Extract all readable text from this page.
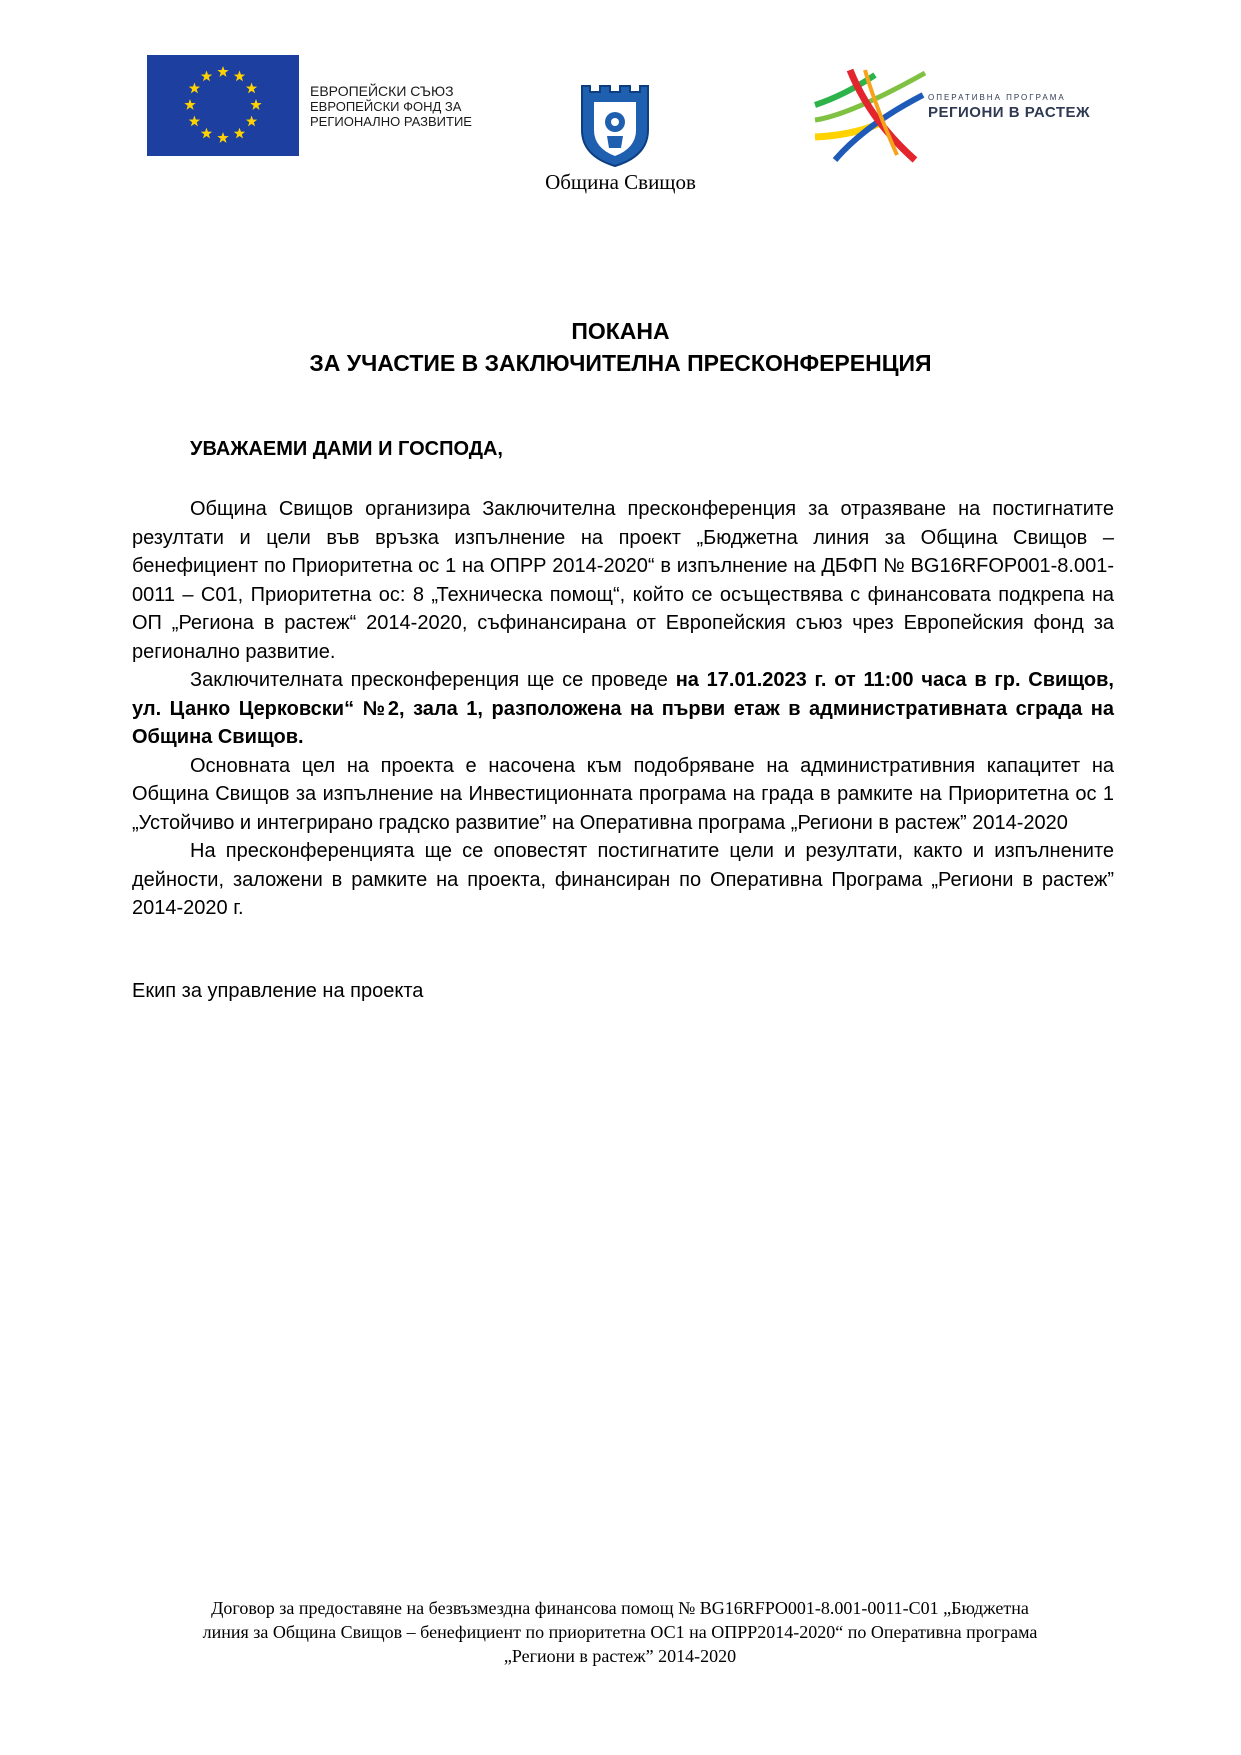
ЕВРОПЕЙСКИ СЪЮЗ
ЕВРОПЕЙСКИ ФОНД ЗА
РЕГИОНАЛНО РАЗВИТИЕ
Община Свищов
ОПЕРАТИВНА ПРОГРАМА
РЕГИОНИ В РАСТЕЖ
ПОКАНА
ЗА УЧАСТИЕ В ЗАКЛЮЧИТЕЛНА ПРЕСКОНФЕРЕНЦИЯ
УВАЖАЕМИ ДАМИ И ГОСПОДА,

Община Свищов организира Заключителна пресконференция за отразяване на постигнатите резултати и цели във връзка изпълнение на проект „Бюджетна линия за Община Свищов – бенефициент по Приоритетна ос 1 на ОПРР 2014-2020“ в изпълнение на ДБФП № BG16RFOP001-8.001-0011 – С01, Приоритетна ос: 8 „Техническа помощ“, който се осъществява с финансовата подкрепа на ОП „Региона в растеж“ 2014-2020, съфинансирана от Европейския съюз чрез Европейския фонд за регионално развитие.

Заключителната пресконференция ще се проведе на 17.01.2023 г. от 11:00 часа в гр. Свищов, ул. Цанко Церковски“ №2, зала 1, разположена на първи етаж в административната сграда на Община Свищов.

Основната цел на проекта е насочена към подобряване на административния капацитет на Община Свищов за изпълнение на Инвестиционната програма на града в рамките на Приоритетна ос 1 „Устойчиво и интегрирано градско развитие” на Оперативна програма „Региони в растеж” 2014-2020

На пресконференцията ще се оповестят постигнатите цели и резултати, както и изпълнените дейности, заложени в рамките на проекта, финансиран по Оперативна Програма „Региони в растеж” 2014-2020 г.

Екип за управление на проекта
Договор за предоставяне на безвъзмездна финансова помощ № BG16RFPO001-8.001-0011-С01 „Бюджетна
линия за Община Свищов – бенефициент по приоритетна ОС1 на ОПРР2014-2020“ по Оперативна програма
„Региони в растеж” 2014-2020
